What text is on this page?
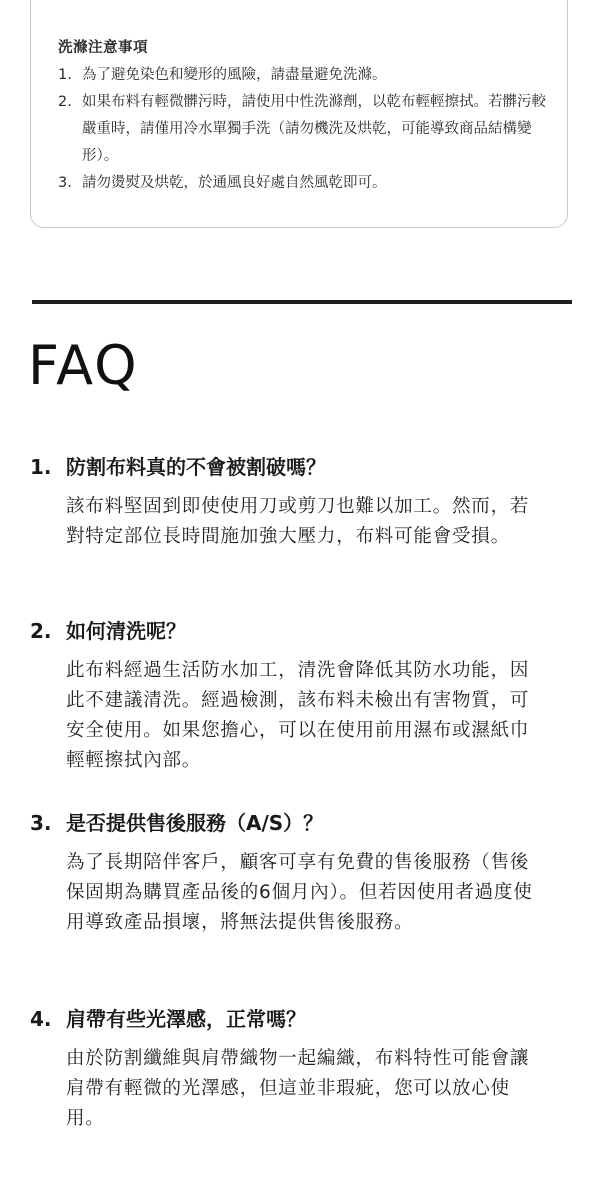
洗滌注意事項
1. 為了避免染色和變形的風險，請盡量避免洗滌。
2. 如果布料有輕微髒污時，請使用中性洗滌劑，以乾布輕輕擦拭。若髒污較嚴重時，請僅用冷水單獨手洗（請勿機洗及烘乾，可能導致商品結構變形）。
3. 請勿燙熨及烘乾，於通風良好處自然風乾即可。
FAQ
1. 防割布料真的不會被割破嗎？
該布料堅固到即使使用刀或剪刀也難以加工。然而，若對特定部位長時間施加強大壓力，布料可能會受損。
2. 如何清洗呢？
此布料經過生活防水加工，清洗會降低其防水功能，因此不建議清洗。經過檢測，該布料未檢出有害物質，可安全使用。如果您擔心，可以在使用前用濕布或濕紙巾輕輕擦拭內部。
3. 是否提供售後服務（A/S）？
為了長期陪伴客戶，顧客可享有免費的售後服務（售後保固期為購買產品後的6個月內）。但若因使用者過度使用導致產品損壞，將無法提供售後服務。
4. 肩帶有些光澤感，正常嗎？
由於防割纖維與肩帶織物一起編織，布料特性可能會讓肩帶有輕微的光澤感，但這並非瑕疵，您可以放心使用。
